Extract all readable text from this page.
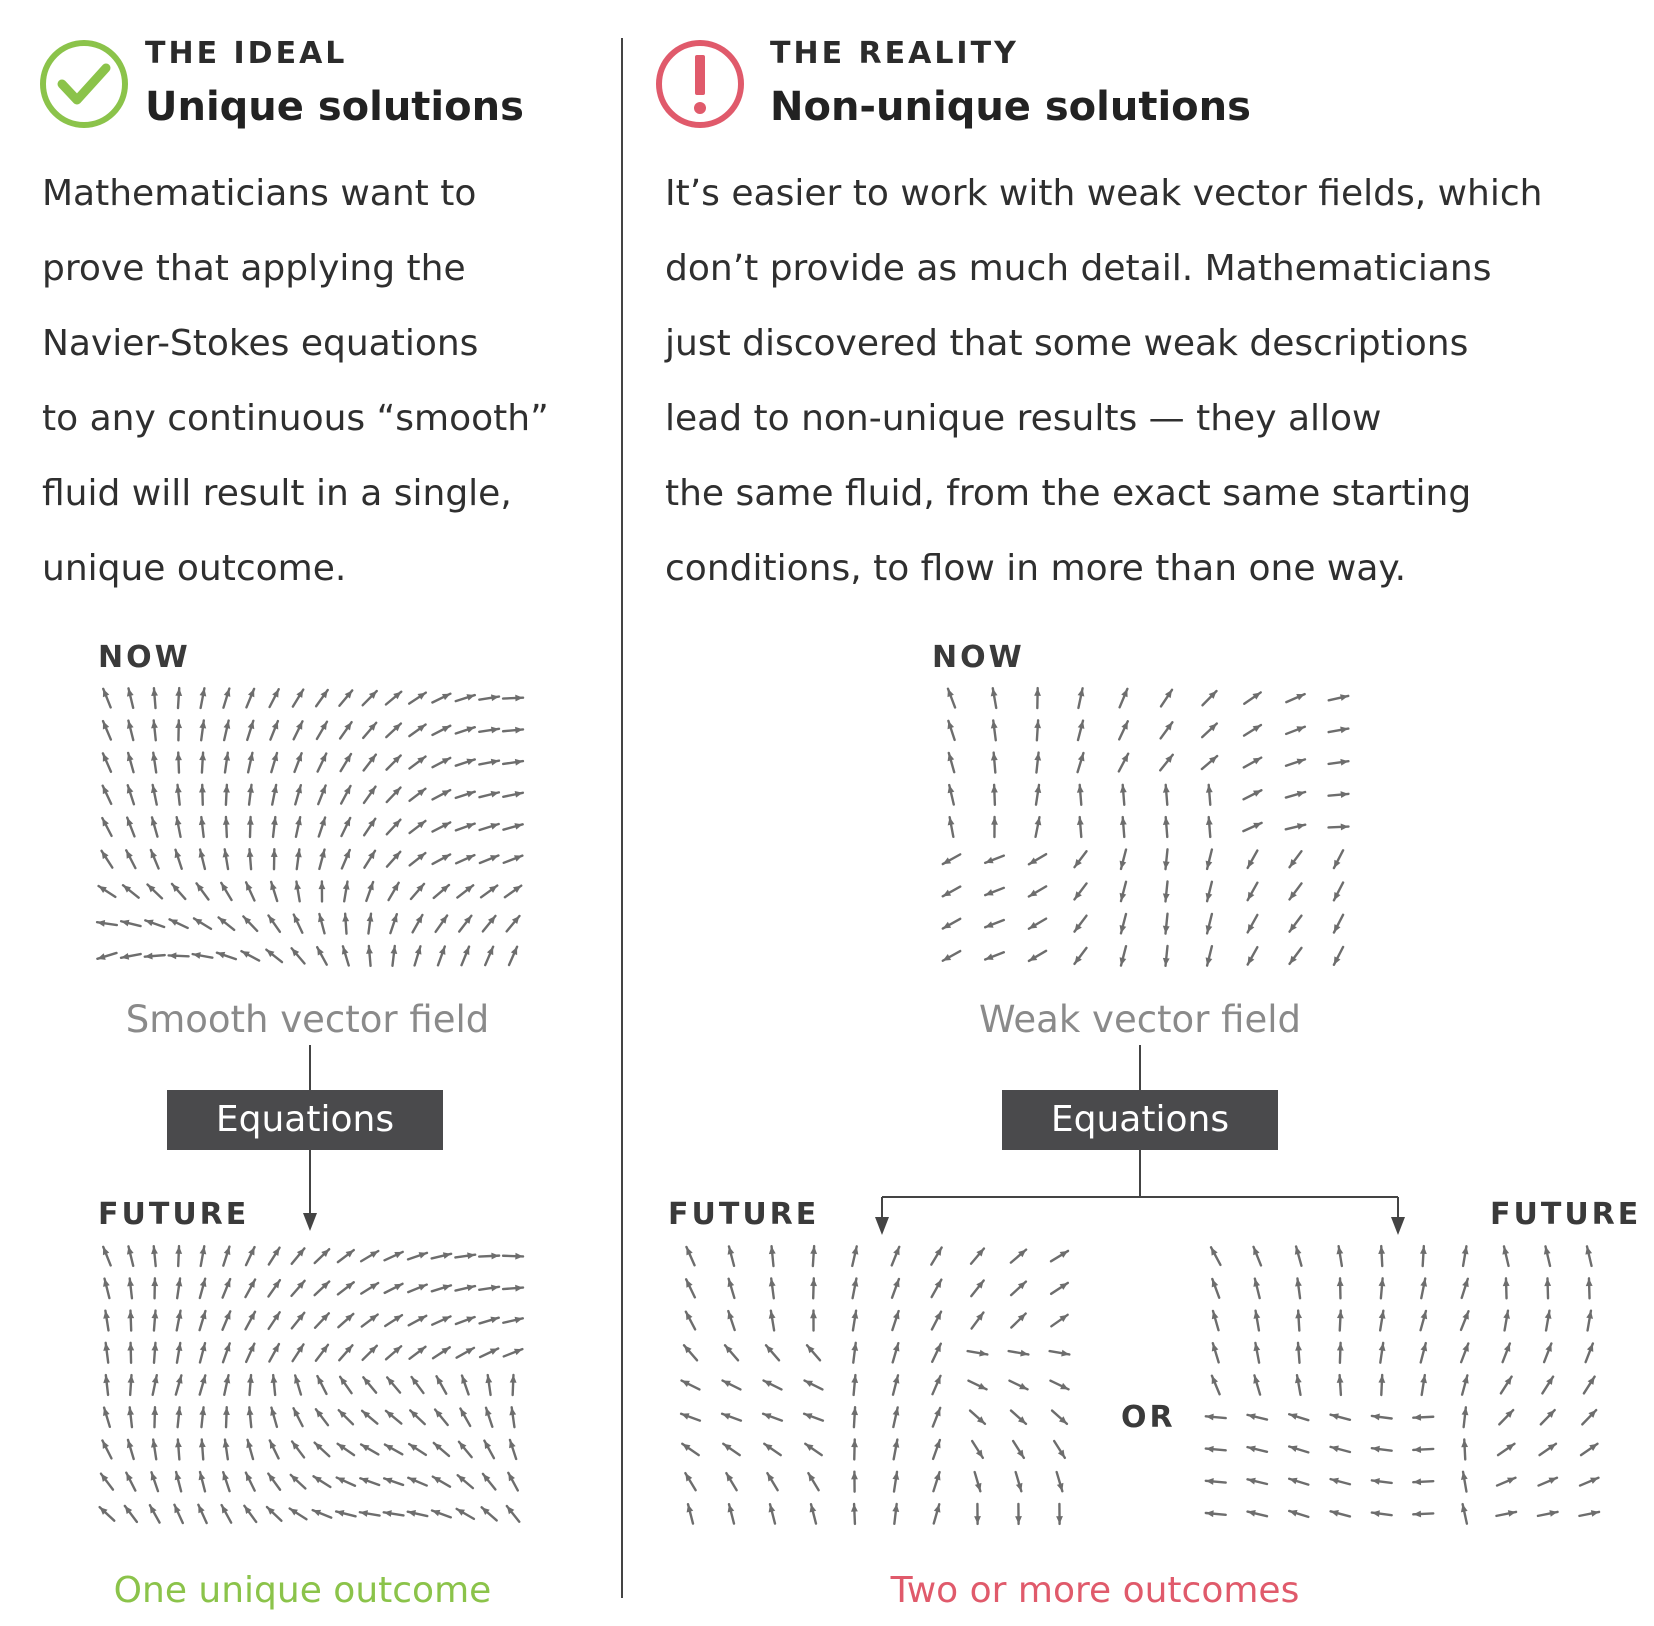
THE IDEAL
Unique solutions
Mathematicians want to
prove that applying the
Navier-Stokes equations
to any continuous “smooth”
fluid will result in a single,
unique outcome.
NOW
Smooth vector field
Equations
FUTURE
One unique outcome
THE REALITY
Non-unique solutions
It’s easier to work with weak vector fields, which
don’t provide as much detail. Mathematicians
just discovered that some weak descriptions
lead to non-unique results — they allow
the same fluid, from the exact same starting
conditions, to flow in more than one way.
NOW
Weak vector field
Equations
FUTURE	FUTURE
OR
Two or more outcomes
